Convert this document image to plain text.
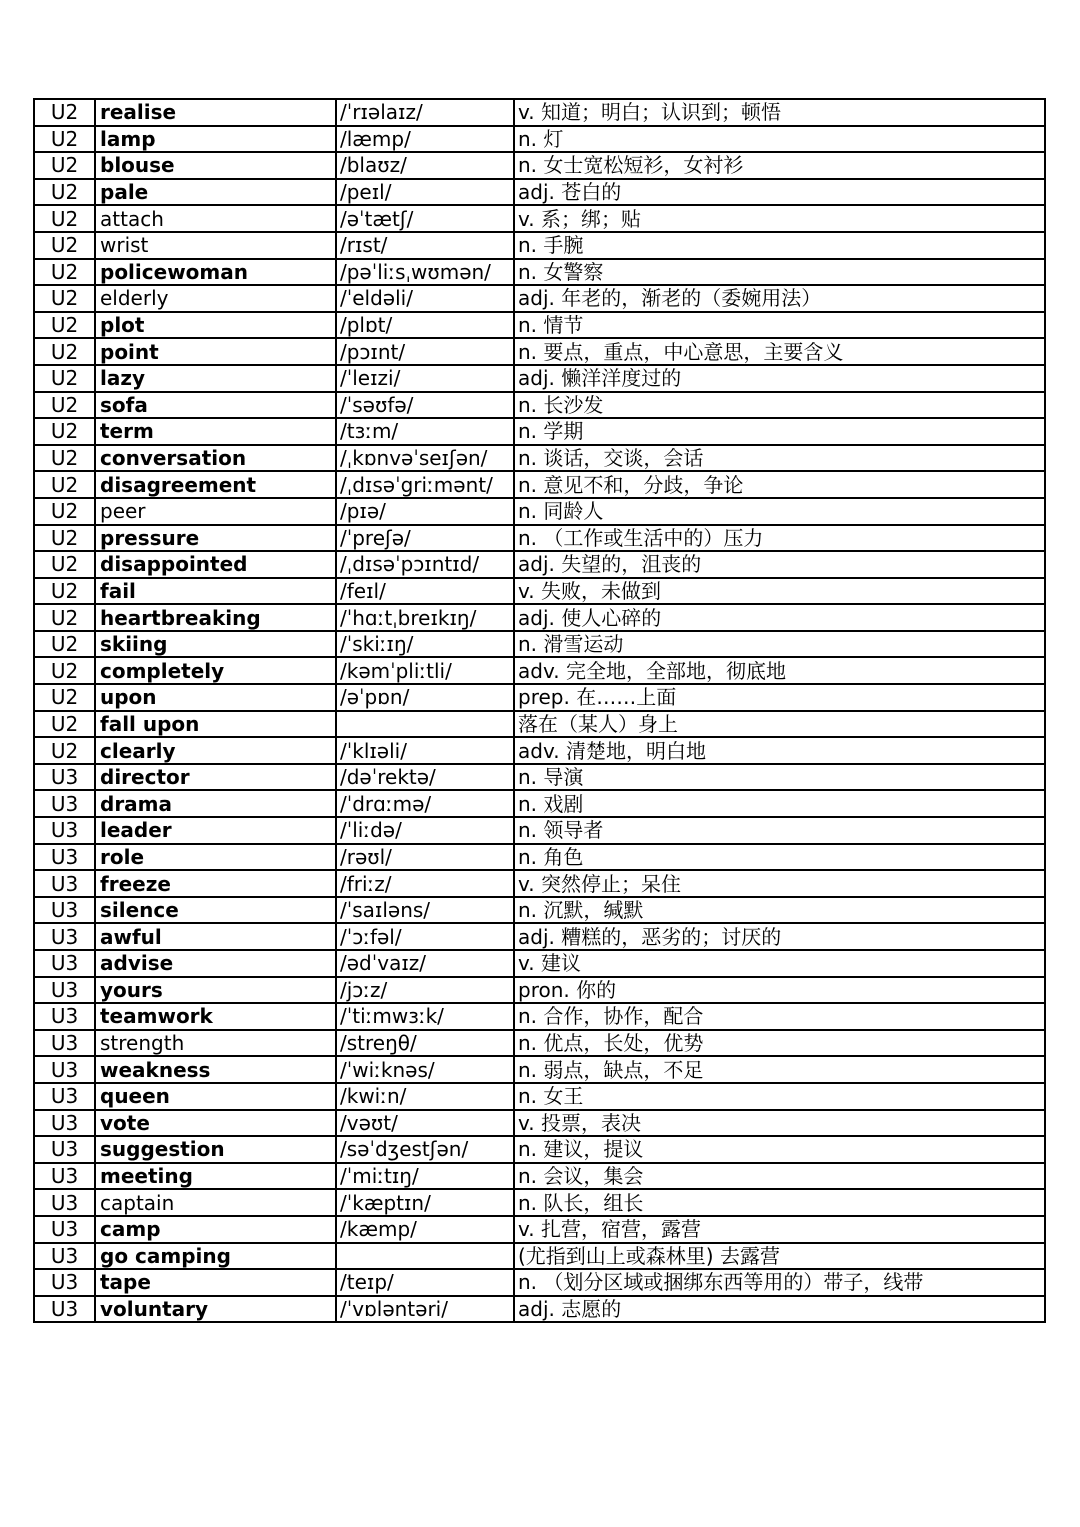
U2	realise	/ˈrɪəlaɪz/	v. 知道；明白；认识到；顿悟
U2	lamp	/læmp/	n. 灯
U2	blouse	/blaʊz/	n. 女士宽松短衫，女衬衫
U2	pale	/peɪl/	adj. 苍白的
U2	attach	/əˈtætʃ/	v. 系；绑；贴
U2	wrist	/rɪst/	n. 手腕
U2	policewoman	/pəˈliːsˌwʊmən/	n. 女警察
U2	elderly	/ˈeldəli/	adj. 年老的，渐老的（委婉用法）
U2	plot	/plɒt/	n. 情节
U2	point	/pɔɪnt/	n. 要点，重点，中心意思，主要含义
U2	lazy	/ˈleɪzi/	adj. 懒洋洋度过的
U2	sofa	/ˈsəʊfə/	n. 长沙发
U2	term	/tɜːm/	n. 学期
U2	conversation	/ˌkɒnvəˈseɪʃən/	n. 谈话，交谈，会话
U2	disagreement	/ˌdɪsəˈgriːmənt/	n. 意见不和，分歧，争论
U2	peer	/pɪə/	n. 同龄人
U2	pressure	/ˈpreʃə/	n. （工作或生活中的）压力
U2	disappointed	/ˌdɪsəˈpɔɪntɪd/	adj. 失望的，沮丧的
U2	fail	/feɪl/	v. 失败，未做到
U2	heartbreaking	/ˈhɑːtˌbreɪkɪŋ/	adj. 使人心碎的
U2	skiing	/ˈskiːɪŋ/	n. 滑雪运动
U2	completely	/kəmˈpliːtli/	adv. 完全地，全部地，彻底地
U2	upon	/əˈpɒn/	prep. 在……上面
U2	fall upon		落在（某人）身上
U2	clearly	/ˈklɪəli/	adv. 清楚地，明白地
U3	director	/dəˈrektə/	n. 导演
U3	drama	/ˈdrɑːmə/	n. 戏剧
U3	leader	/ˈliːdə/	n. 领导者
U3	role	/rəʊl/	n. 角色
U3	freeze	/friːz/	v. 突然停止；呆住
U3	silence	/ˈsaɪləns/	n. 沉默，缄默
U3	awful	/ˈɔːfəl/	adj. 糟糕的，恶劣的；讨厌的
U3	advise	/ədˈvaɪz/	v. 建议
U3	yours	/jɔːz/	pron. 你的
U3	teamwork	/ˈtiːmwɜːk/	n. 合作，协作，配合
U3	strength	/streŋθ/	n. 优点，长处，优势
U3	weakness	/ˈwiːknəs/	n. 弱点，缺点，不足
U3	queen	/kwiːn/	n. 女王
U3	vote	/vəʊt/	v. 投票，表决
U3	suggestion	/səˈdʒestʃən/	n. 建议，提议
U3	meeting	/ˈmiːtɪŋ/	n. 会议，集会
U3	captain	/ˈkæptɪn/	n. 队长，组长
U3	camp	/kæmp/	v. 扎营，宿营，露营
U3	go camping		(尤指到山上或森林里) 去露营
U3	tape	/teɪp/	n. （划分区域或捆绑东西等用的）带子，线带
U3	voluntary	/ˈvɒləntəri/	adj. 志愿的
